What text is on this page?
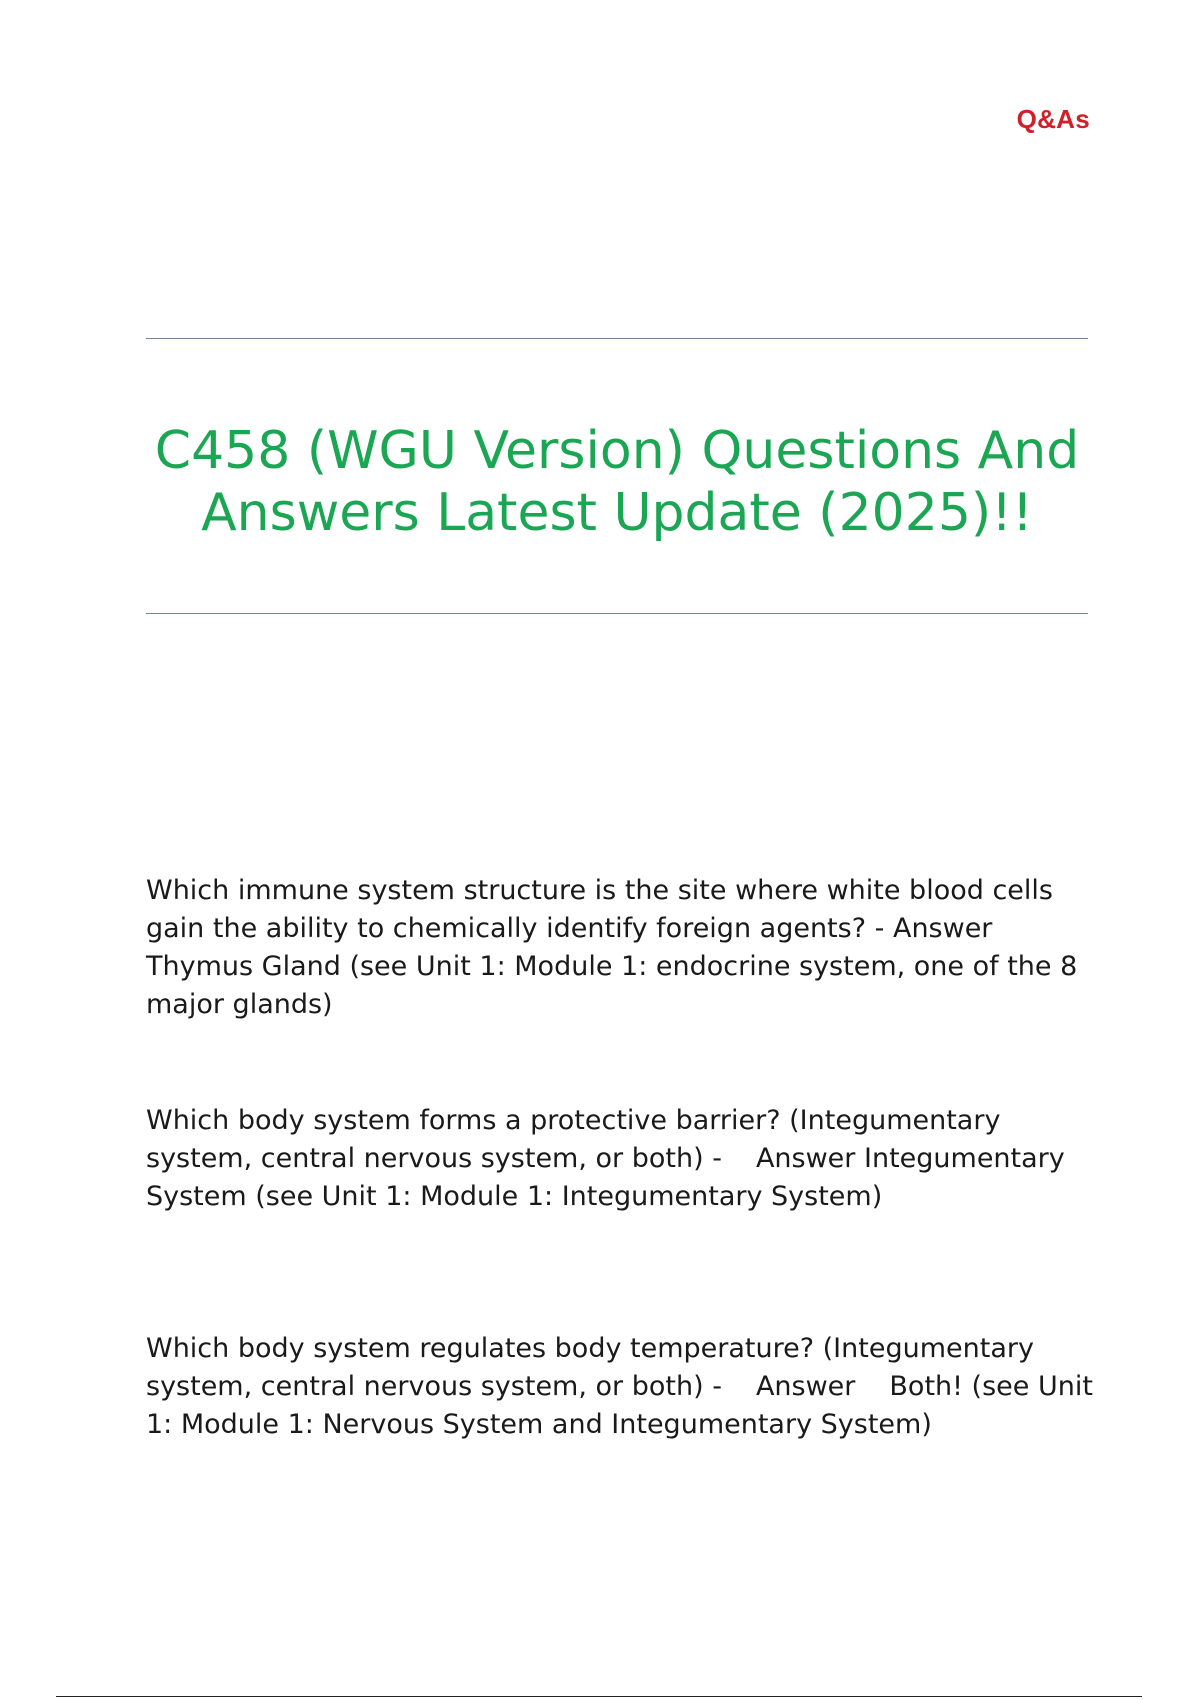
Q&As
C458 (WGU Version) Questions And Answers Latest Update (2025)!!

Which immune system structure is the site where white blood cells gain the ability to chemically identify foreign agents? - AnswerThymus Gland (see Unit 1: Module 1: endocrine system, one of the 8 major glands)

Which body system forms a protective barrier? (Integumentary system, central nervous system, or both) - Answer Integumentary System (see Unit 1: Module 1: Integumentary System)

Which body system regulates body temperature? (Integumentary system, central nervous system, or both) - Answer Both! (see Unit 1: Module 1: Nervous System and Integumentary System)
